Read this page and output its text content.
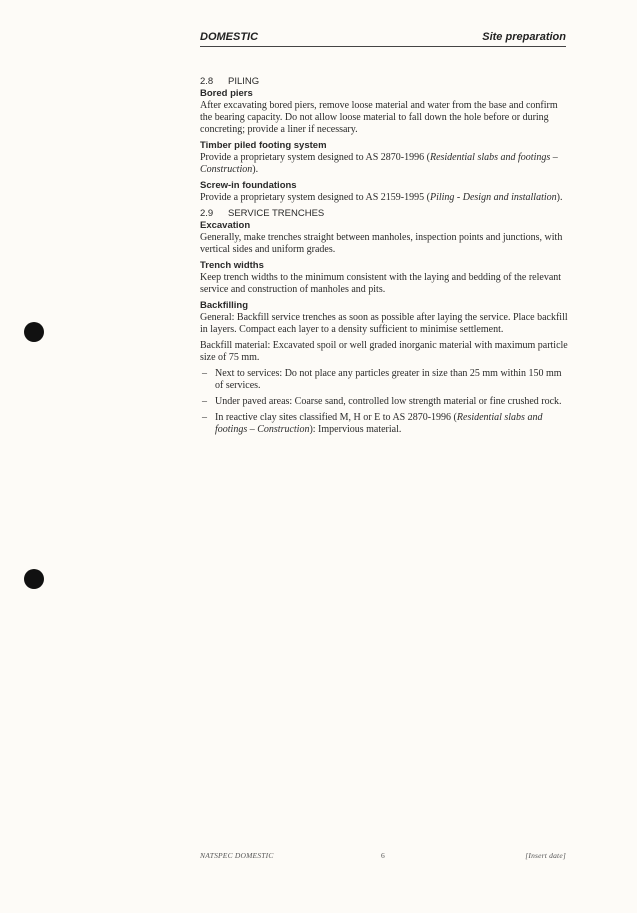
DOMESTIC	Site preparation
2.8 PILING
Bored piers

After excavating bored piers, remove loose material and water from the base and confirm the bearing capacity. Do not allow loose material to fall down the hole before or during concreting; provide a liner if necessary.

Timber piled footing system

Provide a proprietary system designed to AS 2870-1996 (Residential slabs and footings – Construction).

Screw-in foundations

Provide a proprietary system designed to AS 2159-1995 (Piling - Design and installation).

2.9 SERVICE TRENCHES
Excavation

Generally, make trenches straight between manholes, inspection points and junctions, with vertical sides and uniform grades.

Trench widths

Keep trench widths to the minimum consistent with the laying and bedding of the relevant service and construction of manholes and pits.

Backfilling

General: Backfill service trenches as soon as possible after laying the service. Place backfill in layers. Compact each layer to a density sufficient to minimise settlement.

Backfill material: Excavated spoil or well graded inorganic material with maximum particle size of 75 mm.

– Next to services: Do not place any particles greater in size than 25 mm within 150 mm of services.
– Under paved areas: Coarse sand, controlled low strength material or fine crushed rock.
– In reactive clay sites classified M, H or E to AS 2870-1996 (Residential slabs and footings – Construction): Impervious material.
NATSPEC DOMESTIC	6	[Insert date]
